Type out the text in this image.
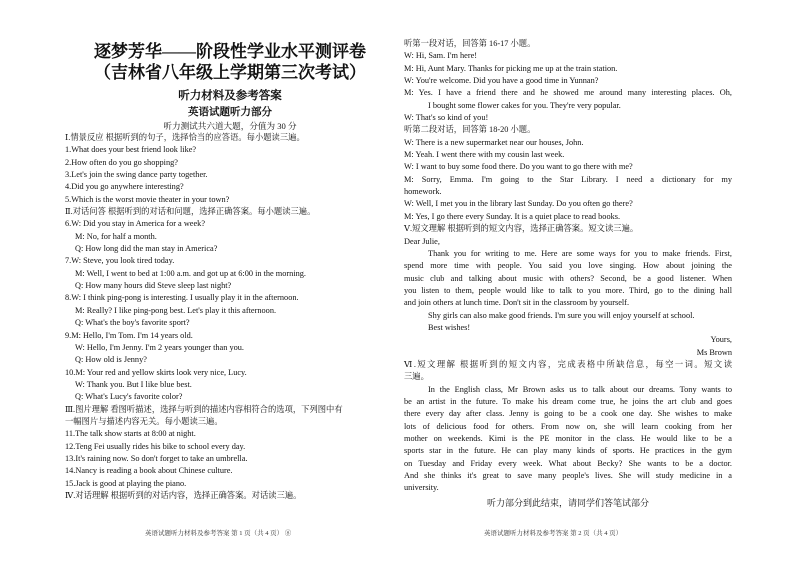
逐梦芳华——阶段性学业水平测评卷
（吉林省八年级上学期第三次考试）
听力材料及参考答案
英语试题听力部分
听力测试共六道大题，分值为 30 分
Ⅰ.情景反应 根据听到的句子，选择恰当的应答语。每小题读三遍。
1.What does your best friend look like?
2.How often do you go shopping?
3.Let's join the swing dance party together.
4.Did you go anywhere interesting?
5.Which is the worst movie theater in your town?
Ⅱ.对话问答 根据听到的对话和问题，选择正确答案。每小题读三遍。
6.W: Did you stay in America for a week?
M: No, for half a month.
Q: How long did the man stay in America?
7.W: Steve, you look tired today.
M: Well, I went to bed at 1:00 a.m. and got up at 6:00 in the morning.
Q: How many hours did Steve sleep last night?
8.W: I think ping-pong is interesting. I usually play it in the afternoon.
M: Really? I like ping-pong best. Let's play it this afternoon.
Q: What's the boy's favorite sport?
9.M: Hello, I'm Tom. I'm 14 years old.
W: Hello, I'm Jenny. I'm 2 years younger than you.
Q: How old is Jenny?
10.M: Your red and yellow skirts look very nice, Lucy.
W: Thank you. But I like blue best.
Q: What's Lucy's favorite color?
Ⅲ.图片理解 看图听描述，选择与听到的描述内容相符合的选项，下列图中有
一幅图片与描述内容无关。每小题读三遍。
11.The talk show starts at 8:00 at night.
12.Teng Fei usually rides his bike to school every day.
13.It's raining now. So don't forget to take an umbrella.
14.Nancy is reading a book about Chinese culture.
15.Jack is good at playing the piano.
Ⅳ.对话理解 根据听到的对话内容，选择正确答案。对话读三遍。
听第一段对话，回答第 16-17 小题。
W: Hi, Sam. I'm here!
M: Hi, Aunt Mary. Thanks for picking me up at the train station.
W: You're welcome. Did you have a good time in Yunnan?
M: Yes. I have a friend there and he showed me around many interesting places. Oh,
I bought some flower cakes for you. They're very popular.
W: That's so kind of you!
听第二段对话，回答第 18-20 小题。
W: There is a new supermarket near our houses, John.
M: Yeah. I went there with my cousin last week.
W: I want to buy some food there. Do you want to go there with me?
M: Sorry, Emma. I'm going to the Star Library. I need a dictionary for my
homework.
W: Well, I met you in the library last Sunday. Do you often go there?
M: Yes, I go there every Sunday. It is a quiet place to read books.
Ⅴ.短文理解 根据听到的短文内容，选择正确答案。短文读三遍。
Dear Julie,
Thank you for writing to me. Here are some ways for you to make friends. First,
spend more time with people. You said you love singing. How about joining the
music club and talking about music with others? Second, be a good listener. When
you listen to them, people would like to talk to you more. Third, go to the dining hall
and join others at lunch time. Don't sit in the classroom by yourself.
Shy girls can also make good friends. I'm sure you will enjoy yourself at school.
Best wishes!
Yours,
Ms Brown
Ⅵ.短文理解 根据听到的短文内容，完成表格中所缺信息，每空一词。短文读
三遍。
In the English class, Mr Brown asks us to talk about our dreams. Tony wants to
be an artist in the future. To make his dream come true, he joins the art club and goes
there every day after class. Jenny is going to be a cook one day. She wishes to make
lots of delicious food for others. From now on, she will learn cooking from her
mother on weekends. Kimi is the PE monitor in the class. He would like to be a
sports star in the future. He can play many kinds of sports. He practices in the gym
on Tuesday and Friday every week. What about Becky? She wants to be a doctor.
And she thinks it's great to save many people's lives. She will study medicine in a
university.
听力部分到此结束，请同学们答笔试部分
英语试题听力材料及参考答案 第 1 页（共 4 页） ⑧	英语试题听力材料及参考答案 第 2 页（共 4 页）
